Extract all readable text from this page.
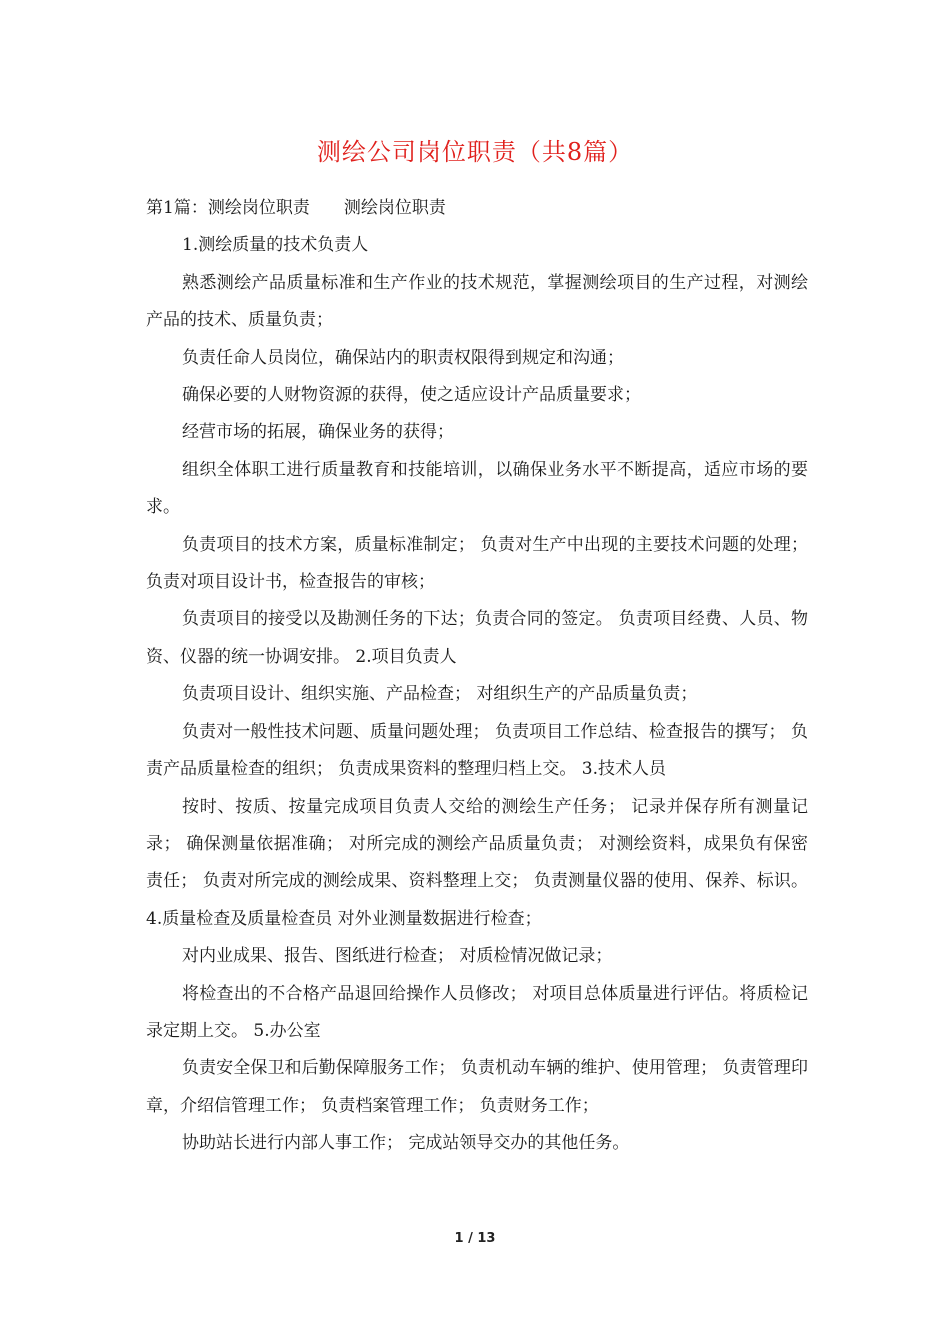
测绘公司岗位职责（共8篇）

第1篇：测绘岗位职责　　测绘岗位职责

1.测绘质量的技术负责人

熟悉测绘产品质量标准和生产作业的技术规范，掌握测绘项目的生产过程，对测绘产品的技术、质量负责；

负责任命人员岗位，确保站内的职责权限得到规定和沟通；

确保必要的人财物资源的获得，使之适应设计产品质量要求；

经营市场的拓展，确保业务的获得；

组织全体职工进行质量教育和技能培训，以确保业务水平不断提高，适应市场的要求。

负责项目的技术方案，质量标准制定； 负责对生产中出现的主要技术问题的处理； 负责对项目设计书，检查报告的审核；

负责项目的接受以及勘测任务的下达；负责合同的签定。 负责项目经费、人员、物资、仪器的统一协调安排。 2.项目负责人

负责项目设计、组织实施、产品检查； 对组织生产的产品质量负责；

负责对一般性技术问题、质量问题处理； 负责项目工作总结、检查报告的撰写； 负责产品质量检查的组织； 负责成果资料的整理归档上交。 3.技术人员

按时、按质、按量完成项目负责人交给的测绘生产任务； 记录并保存所有测量记录； 确保测量依据准确； 对所完成的测绘产品质量负责； 对测绘资料，成果负有保密责任； 负责对所完成的测绘成果、资料整理上交； 负责测量仪器的使用、保养、标识。 4.质量检查及质量检查员 对外业测量数据进行检查；

对内业成果、报告、图纸进行检查； 对质检情况做记录；

将检查出的不合格产品退回给操作人员修改； 对项目总体质量进行评估。将质检记录定期上交。 5.办公室

负责安全保卫和后勤保障服务工作； 负责机动车辆的维护、使用管理； 负责管理印章，介绍信管理工作； 负责档案管理工作； 负责财务工作；

协助站长进行内部人事工作； 完成站领导交办的其他任务。

1 / 13
